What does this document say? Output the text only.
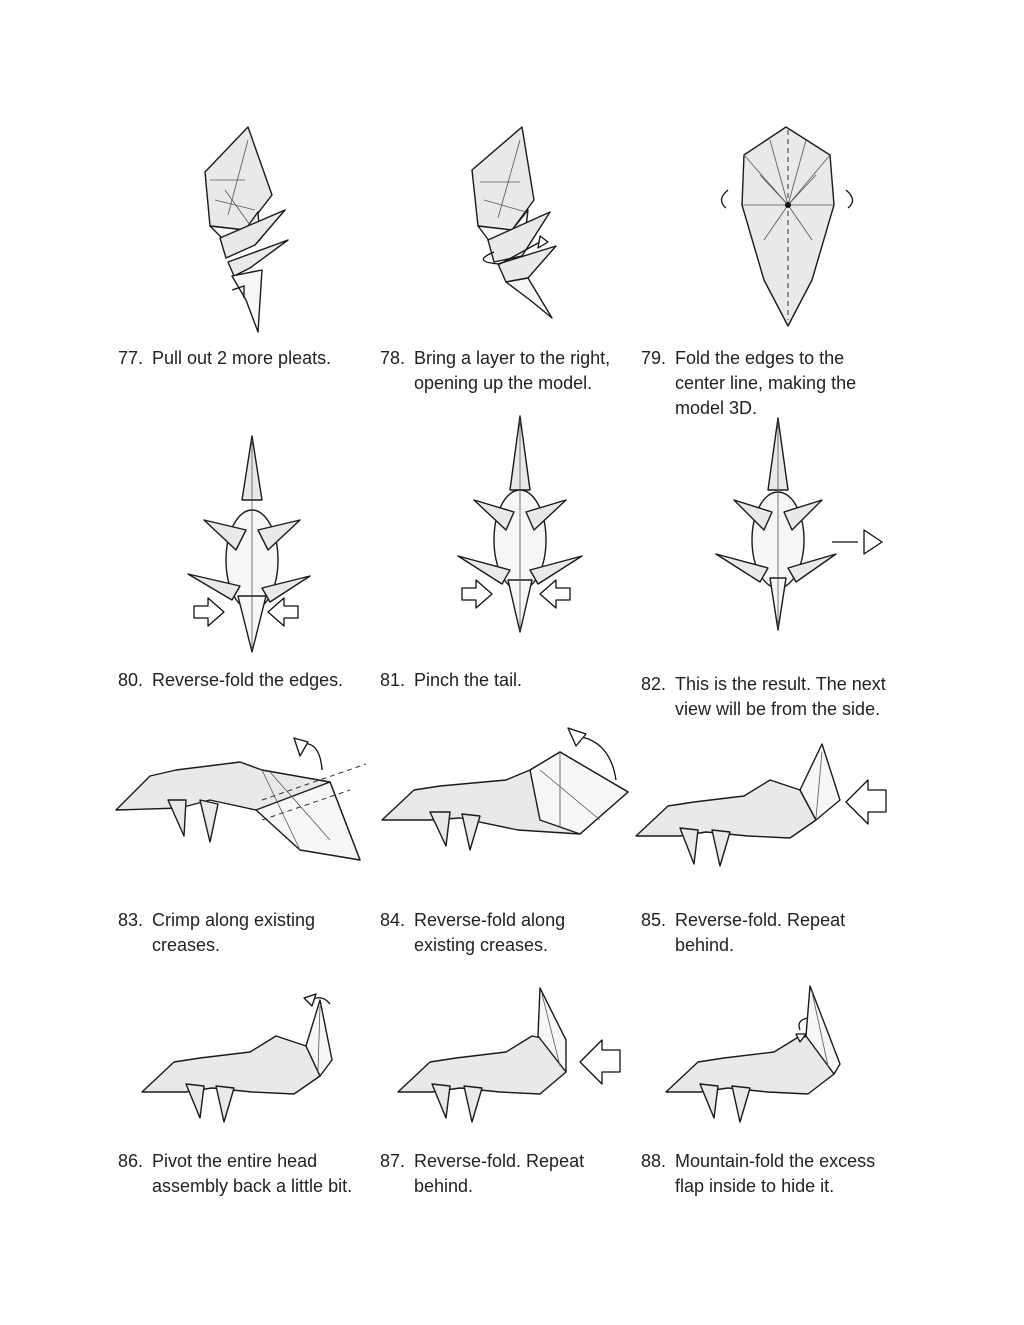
77. Pull out 2 more pleats.	78. Bring a layer to the right,
opening up the model.
79. Fold the edges to the
center line, making the
model 3D.
80. Reverse-fold the edges. 81. Pinch the tail.	82. This is the result. The next
view will be from the side.
83. Crimp along existing
creases.
84. Reverse-fold along
existing creases.
85. Reverse-fold. Repeat
behind.
86. Pivot the entire head
assembly back a little bit.
87. Reverse-fold. Repeat
behind.
88. Mountain-fold the excess
flap inside to hide it.
